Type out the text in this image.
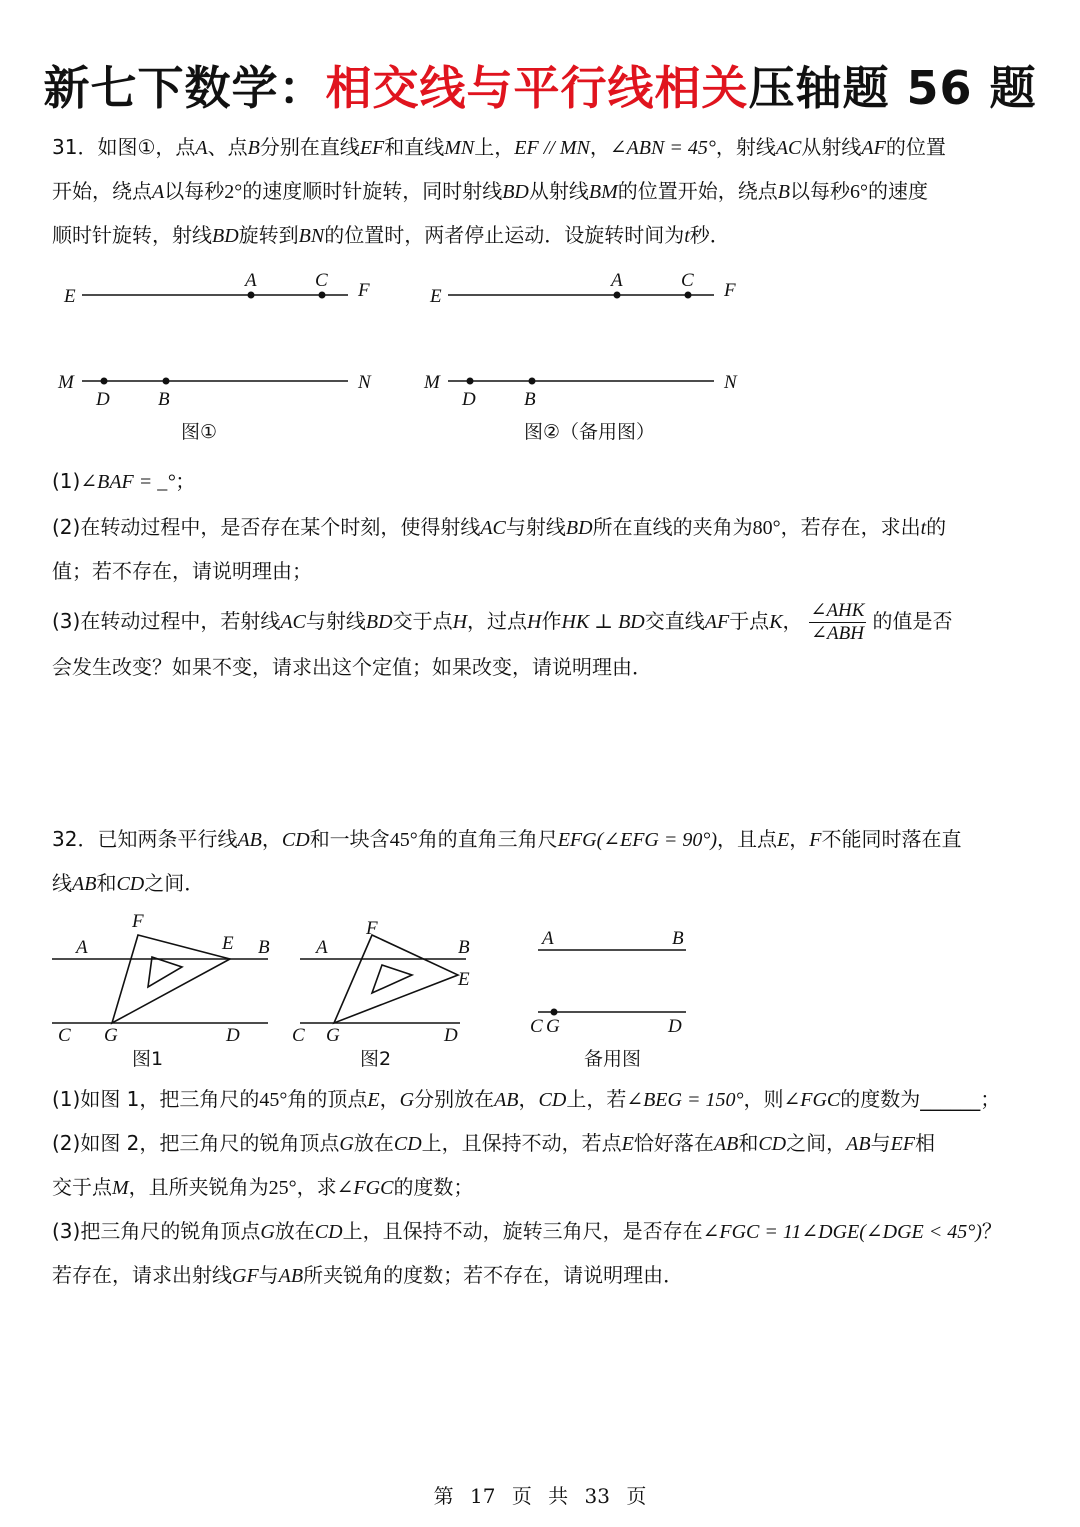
新七下数学：相交线与平行线相关压轴题 56 题
31．如图①，点A、点B分别在直线EF和直线MN上，EF // MN，∠ABN = 45°，射线AC从射线AF的位置
开始，绕点A以每秒2°的速度顺时针旋转，同时射线BD从射线BM的位置开始，绕点B以每秒6°的速度
顺时针旋转，射线BD旋转到BN的位置时，两者停止运动．设旋转时间为t秒．
E
A	C F
M
D	B
N
图①
E
A	C F
M
D	B
N
图②（备用图）
(1)∠BAF = _°；
(2)在转动过程中，是否存在某个时刻，使得射线AC与射线BD所在直线的夹角为80°，若存在，求出t的
值；若不存在，请说明理由；
(3)在转动过程中，若射线AC与射线BD交于点H，过点H作HK ⊥ BD交直线AF于点K， $\frac{\text{∠AHK}}{\text{∠ABH}}$ 的值是否
会发生改变？如果不变，请求出这个定值；如果改变，请说明理由．
32．已知两条平行线AB，CD和一块含45°角的直角三角尺EFG(∠EFG = 90°)，且点E，F不能同时落在直
线AB和CD之间．
F
A	E B
C G	D
图1
F
A	B
E
C G	D
图2
A	B
C G	D
备用图
(1)如图 1，把三角尺的45°角的顶点E，G分别放在AB，CD上，若∠BEG = 150°，则∠FGC的度数为______；
(2)如图 2，把三角尺的锐角顶点G放在CD上，且保持不动，若点E恰好落在AB和CD之间，AB与EF相
交于点M，且所夹锐角为25°，求∠FGC的度数；
(3)把三角尺的锐角顶点G放在CD上，且保持不动，旋转三角尺，是否存在∠FGC = 11∠DGE(∠DGE < 45°)？
若存在，请求出射线GF与AB所夹锐角的度数；若不存在，请说明理由．
第 17 页 共 33 页
